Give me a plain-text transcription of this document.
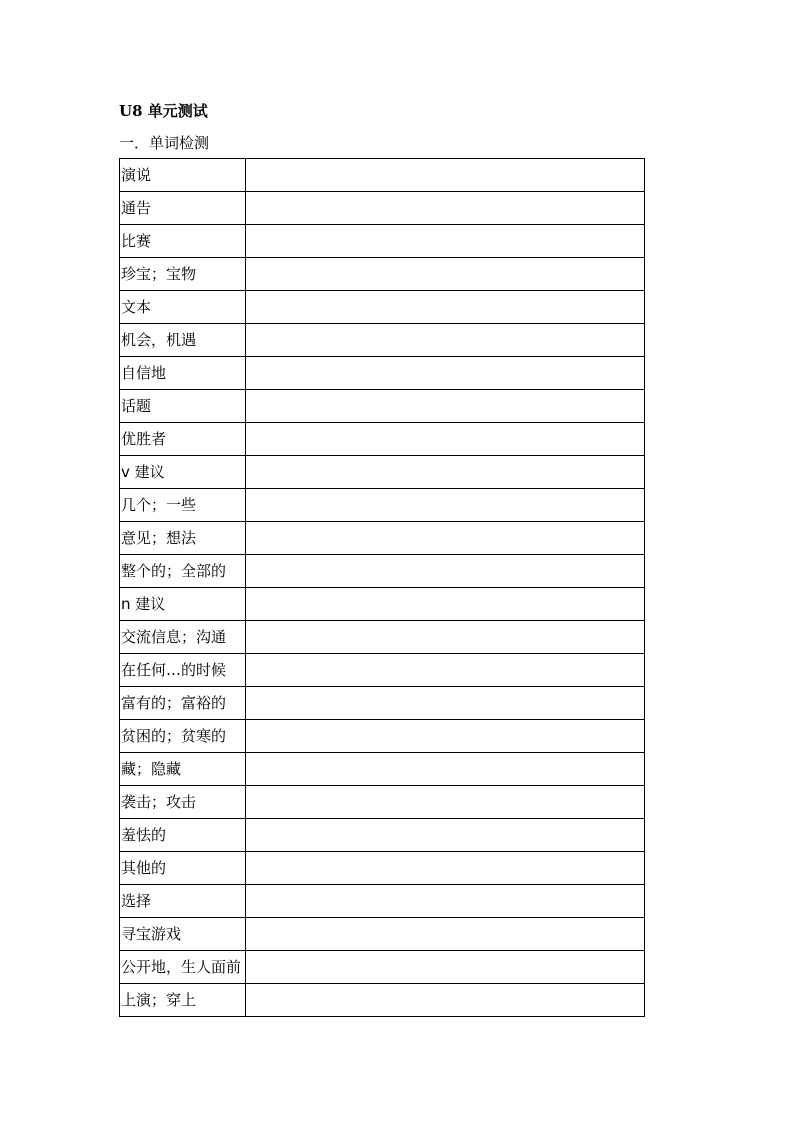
U8 单元测试

一．单词检测

演说	
通告	
比赛	
珍宝；宝物	
文本	
机会，机遇	
自信地	
话题	
优胜者	
v 建议	
几个；一些	
意见；想法	
整个的；全部的	
n 建议	
交流信息；沟通	
在任何…的时候	
富有的；富裕的	
贫困的；贫寒的	
藏；隐藏	
袭击；攻击	
羞怯的	
其他的	
选择	
寻宝游戏	
公开地，生人面前	
上演；穿上	
